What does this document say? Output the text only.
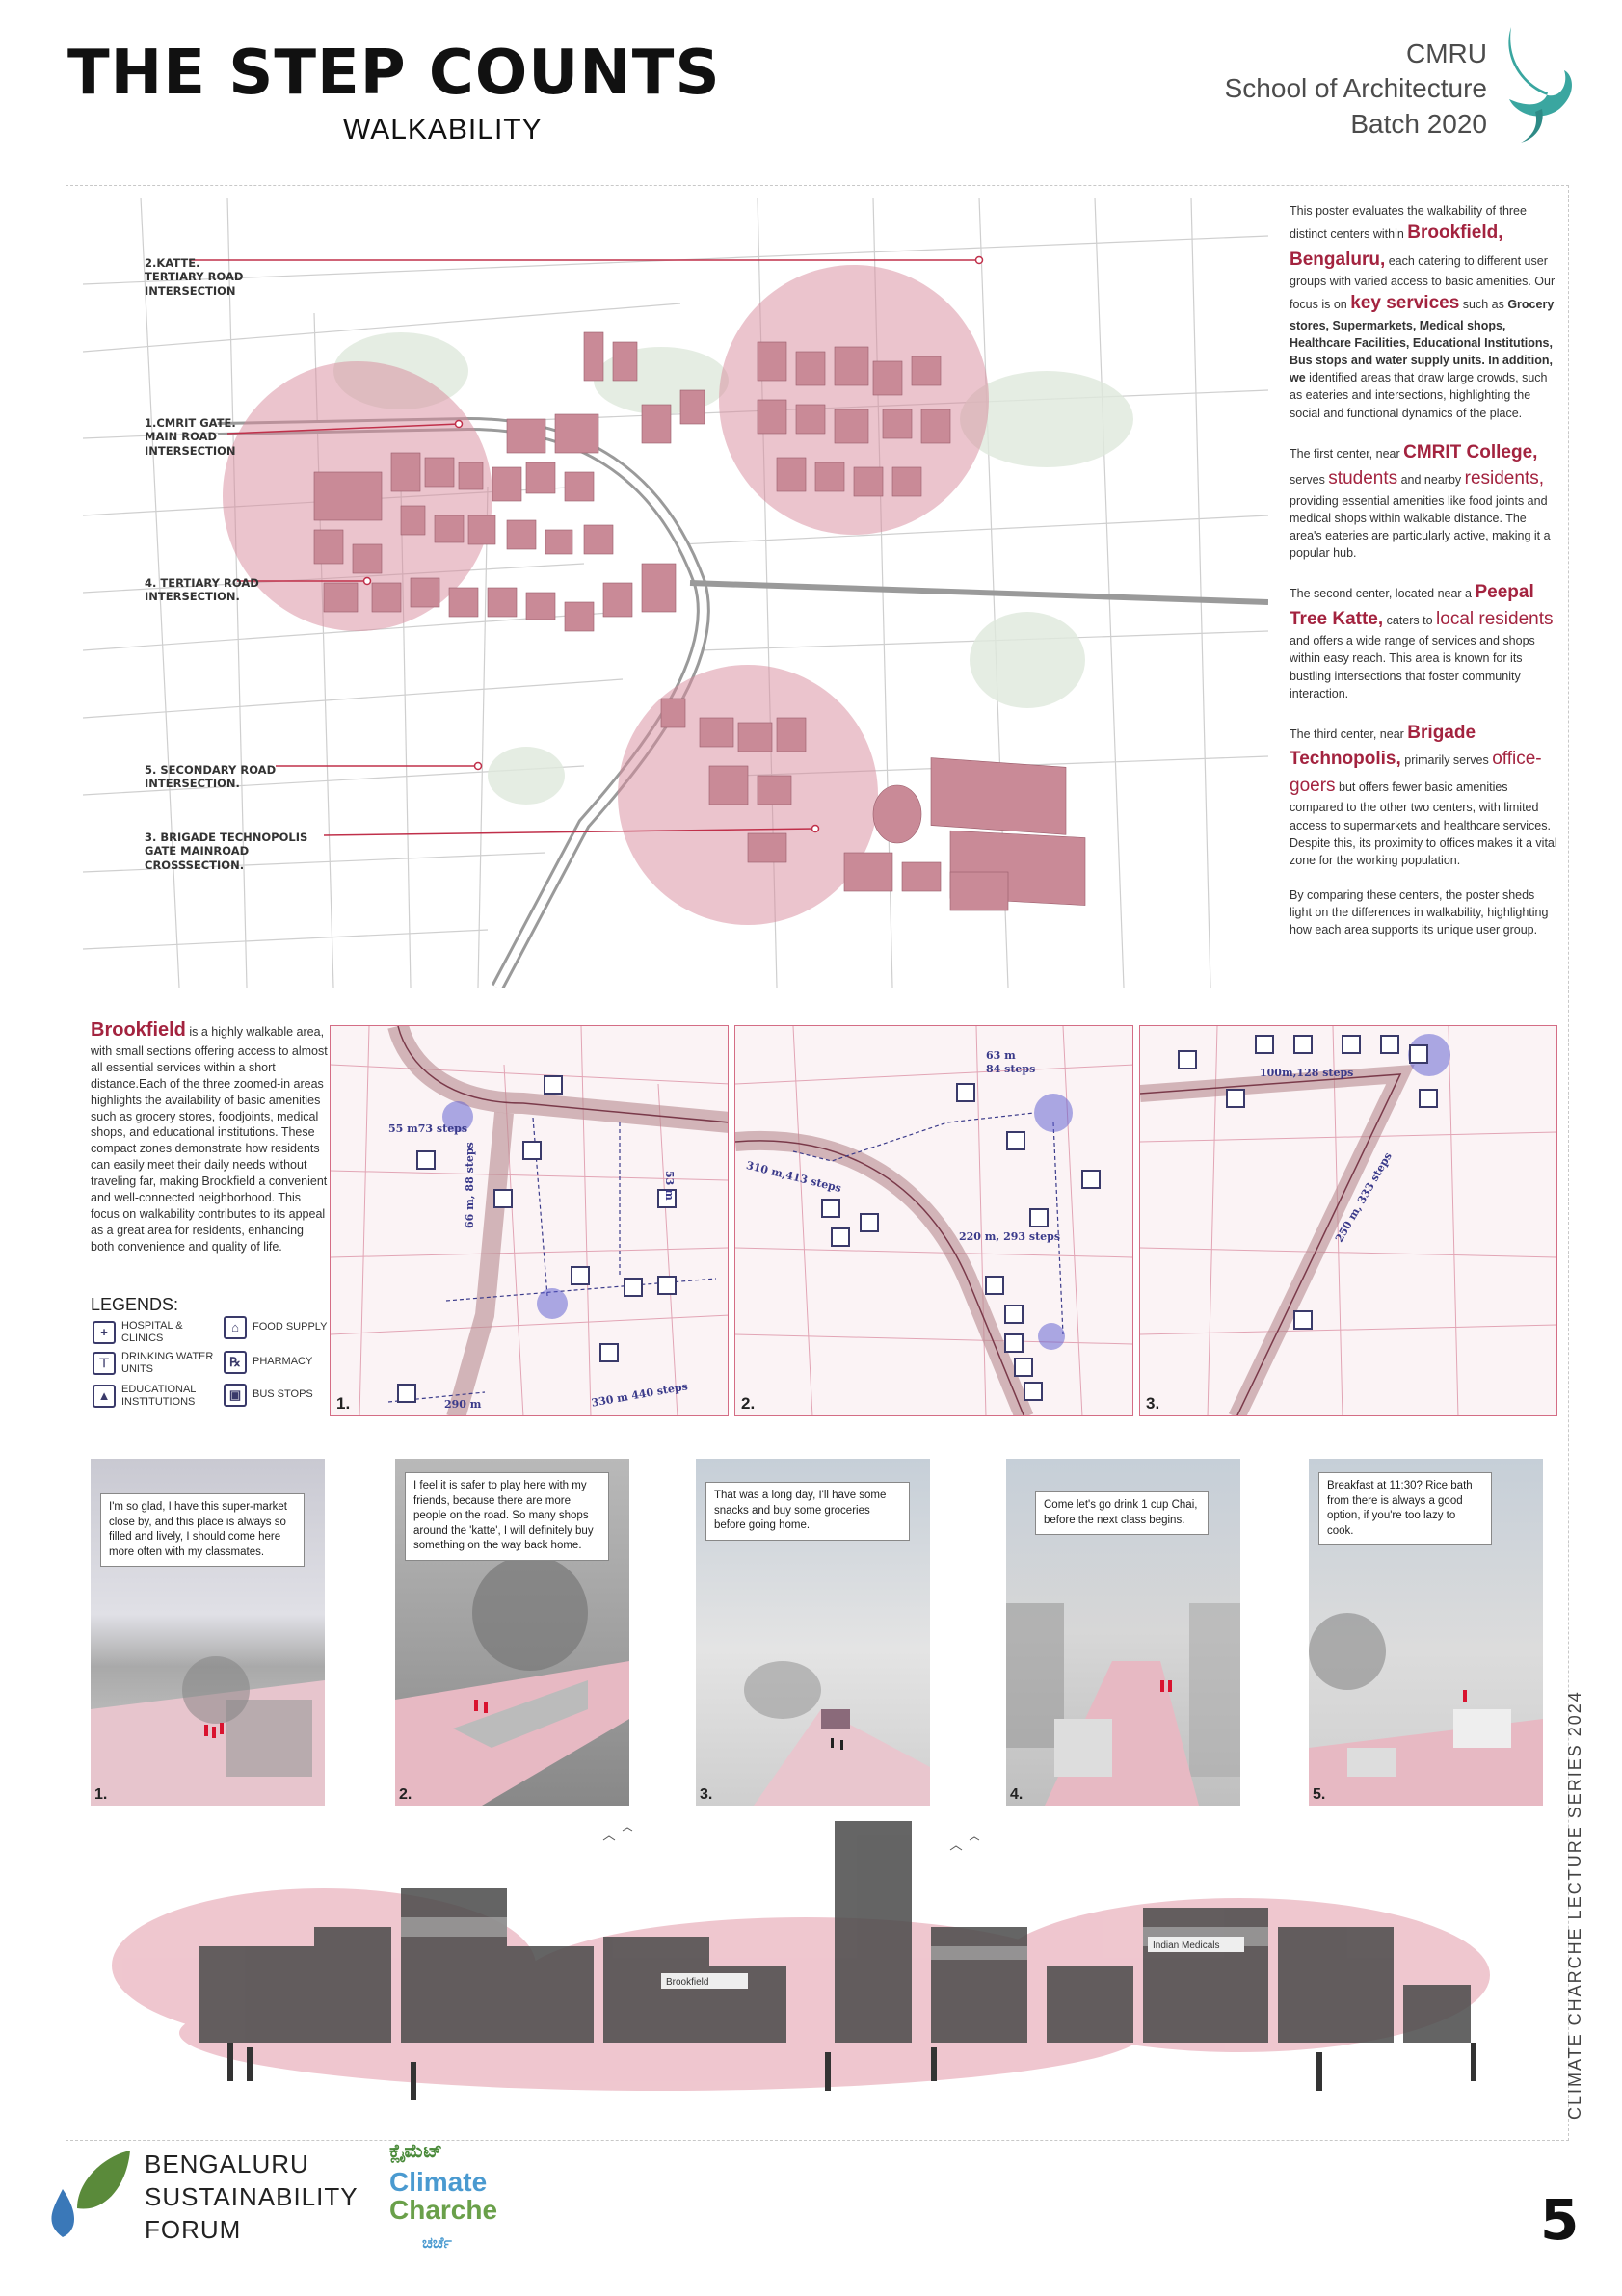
THE STEP COUNTS
WALKABILITY
CMRU
School of Architecture
Batch 2020
2.KATTE.
TERTIARY ROAD
INTERSECTION
1.CMRIT GATE.
MAIN ROAD
INTERSECTION
4. TERTIARY ROAD
INTERSECTION.
5. SECONDARY ROAD
INTERSECTION.
3. BRIGADE TECHNOPOLIS
GATE MAINROAD
CROSSSECTION.

This poster evaluates the walkability of three distinct centers within Brookfield, Bengaluru, each catering to different user groups with varied access to basic amenities. Our focus is on key services such as Grocery stores, Supermarkets, Medical shops, Healthcare Facilities, Educational Institutions, Bus stops and water supply units. In addition, we identified areas that draw large crowds, such as eateries and intersections, highlighting the social and functional dynamics of the place.

The first center, near CMRIT College, serves students and nearby residents, providing essential amenities like food joints and medical shops within walkable distance. The area's eateries are particularly active, making it a popular hub.

The second center, located near a Peepal Tree Katte, caters to local residents and offers a wide range of services and shops within easy reach. This area is known for its bustling intersections that foster community interaction.

The third center, near Brigade Technopolis, primarily serves office-goers but offers fewer basic amenities compared to the other two centers, with limited access to supermarkets and healthcare services. Despite this, its proximity to offices makes it a vital zone for the working population.

By comparing these centers, the poster sheds light on the differences in walkability, highlighting how each area supports its unique user group.

Brookfield is a highly walkable area, with small sections offering access to almost all essential services within a short distance.Each of the three zoomed-in areas highlights the availability of basic amenities such as grocery stores, foodjoints, medical shops, and educational institutions. These compact zones demonstrate how residents can easily meet their daily needs without traveling far, making Brookfield a convenient and well-connected neighborhood. This focus on walkability contributes to its appeal as a great area for residents, enhancing both convenience and quality of life.
LEGENDS:
+	HOSPITAL & CLINICS
⌂	FOOD SUPPLY
⊤	DRINKING WATER UNITS	℞	PHARMACY
▲	EDUCATIONAL INSTITUTIONS	▣	BUS STOPS
55 m73 steps
66 m, 88 steps	53 m
290 m	330 m 440 steps
1.
63 m
84 steps
310 m,413 steps
220 m, 293 steps
2.
100m,128 steps
250 m, 333 steps
3.
I'm so glad, I have this super-market close by, and this place is always so filled and lively, I should come here more often with my classmates.
1.
I feel it is safer to play here with my friends, because there are more people on the road. So many shops around the 'katte', I will definitely buy something on the way back home.
2.
That was a long day, I'll have some snacks and buy some groceries before going home.
3.
Come let's go drink 1 cup Chai, before the next class begins.
4.
Breakfast at 11:30? Rice bath from there is always a good option, if you're too lazy to cook.
5.
Brookfield
Indian Medicals	CLIMATE CHARCHE LECTURE SERIES 2024
BENGALURU
SUSTAINABILITY
FORUM
ಕ್ಲೈಮೆಟ್
Climate
Charche
ಚರ್ಚೆ	5
